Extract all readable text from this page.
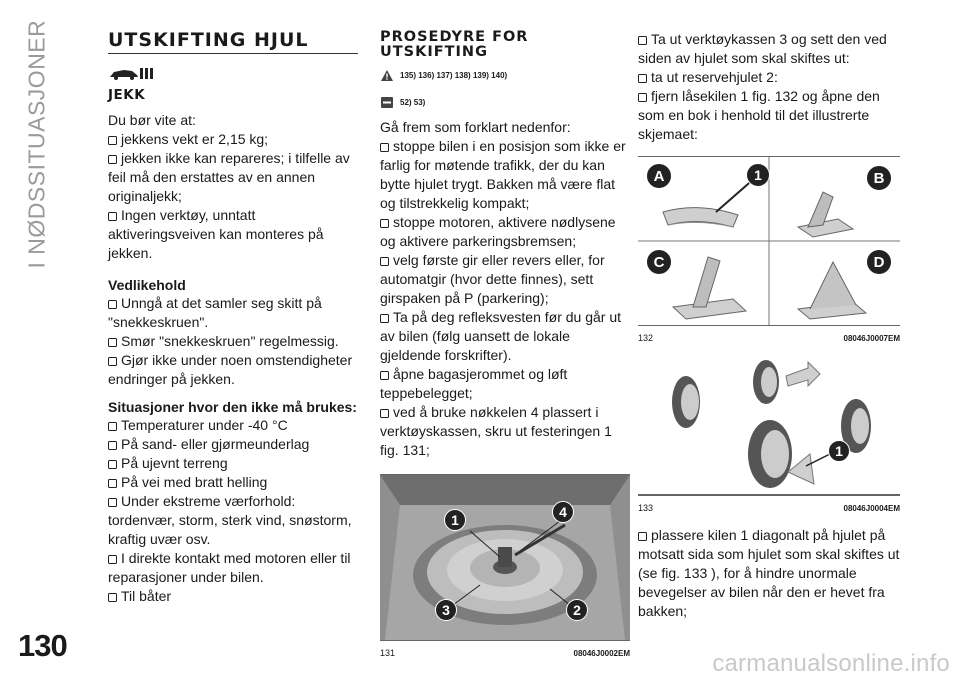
I NØDSSITUASJONER
130
carmanualsonline.info
UTSKIFTING HJUL
JEKK

Du bør vite at:

jekkens vekt er 2,15 kg;

jekken ikke kan repareres; i tilfelle av feil må den erstattes av en annen originaljekk;

Ingen verktøy, unntatt aktiveringsveiven kan monteres på jekken.

Vedlikehold

Unngå at det samler seg skitt på "snekkeskruen".

Smør "snekkeskruen" regelmessig.

Gjør ikke under noen omstendigheter endringer på jekken.

Situasjoner hvor den ikke må brukes:

Temperaturer under -40 °C

På sand- eller gjørmeunderlag

På ujevnt terreng

På vei med bratt helling

Under ekstreme værforhold: tordenvær, storm, sterk vind, snøstorm, kraftig uvær osv.

I direkte kontakt med motoren eller til reparasjoner under bilen.

Til båter

PROSEDYRE FOR
UTSKIFTING
135) 136) 137) 138) 139) 140)
52) 53)

Gå frem som forklart nedenfor:

stoppe bilen i en posisjon som ikke er farlig for møtende trafikk, der du kan bytte hjulet trygt. Bakken må være flat og tilstrekkelig kompakt;

stoppe motoren, aktivere nødlysene og aktivere parkeringsbremsen;

velg første gir eller revers eller, for automatgir (hvor dette finnes), sett girspaken på P (parkering);

Ta på deg refleksvesten før du går ut av bilen (følg uansett de lokale gjeldende forskrifter).

åpne bagasjerommet og løft teppebelegget;

ved å bruke nøkkelen 4 plassert i verktøyskassen, skru ut festeringen 1 fig. 131;

1	4
3	2
131	08046J0002EM

Ta ut verktøykassen 3 og sett den ved siden av hjulet som skal skiftes ut:

ta ut reservehjulet 2:

fjern låsekilen 1 fig. 132 og åpne den som en bok i henhold til det illustrerte skjemaet:

A	1	B
C	D
132	08046J0007EM
1
133	08046J0004EM

plassere kilen 1 diagonalt på hjulet på motsatt sida som hjulet som skal skiftes ut (se fig. 133 ), for å hindre unormale bevegelser av bilen når den er hevet fra bakken;
